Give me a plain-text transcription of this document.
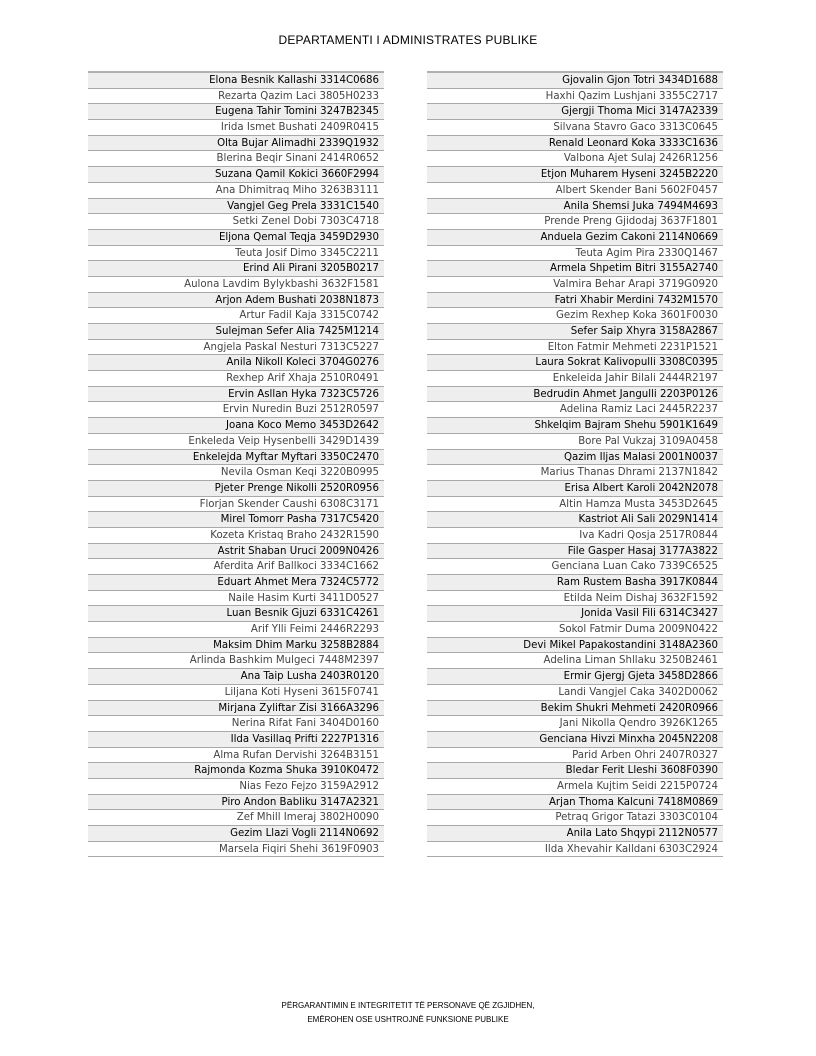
DEPARTAMENTI I ADMINISTRATES PUBLIKE
Elona Besnik Kallashi 3314C0686
Rezarta Qazim Laci 3805H0233
Eugena Tahir Tomini 3247B2345
Irida Ismet Bushati 2409R0415
Olta Bujar Alimadhi 2339Q1932
Blerina Beqir Sinani 2414R0652
Suzana Qamil Kokici 3660F2994
Ana Dhimitraq Miho 3263B3111
Vangjel Geg Prela 3331C1540
Setki Zenel Dobi 7303C4718
Eljona Qemal Teqja 3459D2930
Teuta Josif Dimo 3345C2211
Erind Ali Pirani 3205B0217
Aulona Lavdim Bylykbashi 3632F1581
Arjon Adem Bushati 2038N1873
Artur Fadil Kaja 3315C0742
Sulejman Sefer Alia 7425M1214
Angjela Paskal Nesturi 7313C5227
Anila Nikoll Koleci 3704G0276
Rexhep Arif Xhaja 2510R0491
Ervin Asllan Hyka 7323C5726
Ervin Nuredin Buzi 2512R0597
Joana Koco Memo 3453D2642
Enkeleda Veip Hysenbelli 3429D1439
Enkelejda Myftar Myftari 3350C2470
Nevila Osman Keqi 3220B0995
Pjeter Prenge Nikolli 2520R0956
Florjan Skender Caushi 6308C3171
Mirel Tomorr Pasha 7317C5420
Kozeta Kristaq Braho 2432R1590
Astrit Shaban Uruci 2009N0426
Aferdita Arif Ballkoci 3334C1662
Eduart Ahmet Mera 7324C5772
Naile Hasim Kurti 3411D0527
Luan Besnik Gjuzi 6331C4261
Arif Ylli Feimi 2446R2293
Maksim Dhim Marku 3258B2884
Arlinda Bashkim Mulgeci 7448M2397
Ana Taip Lusha 2403R0120
Liljana Koti Hyseni 3615F0741
Mirjana Zyliftar Zisi 3166A3296
Nerina Rifat Fani 3404D0160
Ilda Vasillaq Prifti 2227P1316
Alma Rufan Dervishi 3264B3151
Rajmonda Kozma Shuka 3910K0472
Nias Fezo Fejzo 3159A2912
Piro Andon Babliku 3147A2321
Zef Mhill Imeraj 3802H0090
Gezim Llazi Vogli 2114N0692
Marsela Fiqiri Shehi 3619F0903
Gjovalin Gjon Totri 3434D1688
Haxhi Qazim Lushjani 3355C2717
Gjergji Thoma Mici 3147A2339
Silvana Stavro Gaco 3313C0645
Renald Leonard Koka 3333C1636
Valbona Ajet Sulaj 2426R1256
Etjon Muharem Hyseni 3245B2220
Albert Skender Bani 5602F0457
Anila Shemsi Juka 7494M4693
Prende Preng Gjidodaj 3637F1801
Anduela Gezim Cakoni 2114N0669
Teuta Agim Pira 2330Q1467
Armela Shpetim Bitri 3155A2740
Valmira Behar Arapi 3719G0920
Fatri Xhabir Merdini 7432M1570
Gezim Rexhep Koka 3601F0030
Sefer Saip Xhyra 3158A2867
Elton Fatmir Mehmeti 2231P1521
Laura Sokrat Kalivopulli 3308C0395
Enkeleida Jahir Bilali 2444R2197
Bedrudin Ahmet Jangulli 2203P0126
Adelina Ramiz Laci 2445R2237
Shkelqim Bajram Shehu 5901K1649
Bore Pal Vukzaj 3109A0458
Qazim Iljas Malasi 2001N0037
Marius Thanas Dhrami 2137N1842
Erisa Albert Karoli 2042N2078
Altin Hamza Musta 3453D2645
Kastriot Ali Sali 2029N1414
Iva Kadri Qosja 2517R0844
File Gasper Hasaj 3177A3822
Genciana Luan Cako 7339C6525
Ram Rustem Basha 3917K0844
Etilda Neim Dishaj 3632F1592
Jonida Vasil Fili 6314C3427
Sokol Fatmir Duma 2009N0422
Devi Mikel Papakostandini 3148A2360
Adelina Liman Shllaku 3250B2461
Ermir Gjergj Gjeta 3458D2866
Landi Vangjel Caka 3402D0062
Bekim Shukri Mehmeti 2420R0966
Jani Nikolla Qendro 3926K1265
Genciana Hivzi Minxha 2045N2208
Parid Arben Ohri 2407R0327
Bledar Ferit Lleshi 3608F0390
Armela Kujtim Seidi 2215P0724
Arjan Thoma Kalcuni 7418M0869
Petraq Grigor Tatazi 3303C0104
Anila Lato Shqypi 2112N0577
Ilda Xhevahir Kalldani 6303C2924
PËRGARANTIMIN E INTEGRITETIT TË PERSONAVE QË ZGJIDHEN,
EMËROHEN OSE USHTROJNË FUNKSIONE PUBLIKE
